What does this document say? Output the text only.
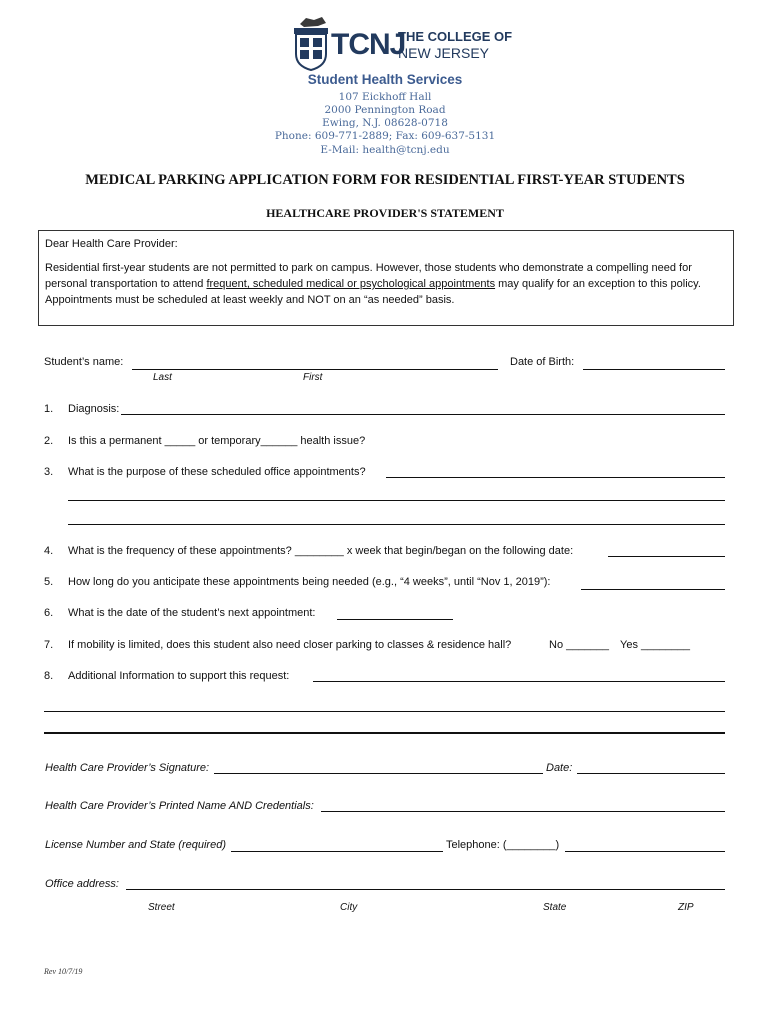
TCNJ
THE COLLEGE OF
NEW JERSEY
Student Health Services
107 Eickhoff Hall
2000 Pennington Road
Ewing, N.J. 08628-0718
Phone: 609-771-2889; Fax: 609-637-5131
E-Mail: health@tcnj.edu
MEDICAL PARKING APPLICATION FORM FOR RESIDENTIAL FIRST-YEAR STUDENTS
HEALTHCARE PROVIDER'S STATEMENT
Dear Health Care Provider:
Residential first-year students are not permitted to park on campus. However, those students who demonstrate a compelling need for personal transportation to attend frequent, scheduled medical or psychological appointments may qualify for an exception to this policy. Appointments must be scheduled at least weekly and NOT on an “as needed” basis.
Student’s name:
Last	First
Date of Birth:
1. Diagnosis:
2. Is this a permanent _____ or temporary______ health issue?
3. What is the purpose of these scheduled office appointments?
4. What is the frequency of these appointments? ________ x week that begin/began on the following date:
5. How long do you anticipate these appointments being needed (e.g., “4 weeks”, until “Nov 1, 2019”):
6. What is the date of the student’s next appointment:
7. If mobility is limited, does this student also need closer parking to classes & residence hall?	No _______ Yes ________
8. Additional Information to support this request:
Health Care Provider’s Signature:	Date:
Health Care Provider’s Printed Name AND Credentials:
License Number and State (required)	Telephone: (________)
Office address:
Street	City	State	ZIP
Rev 10/7/19
